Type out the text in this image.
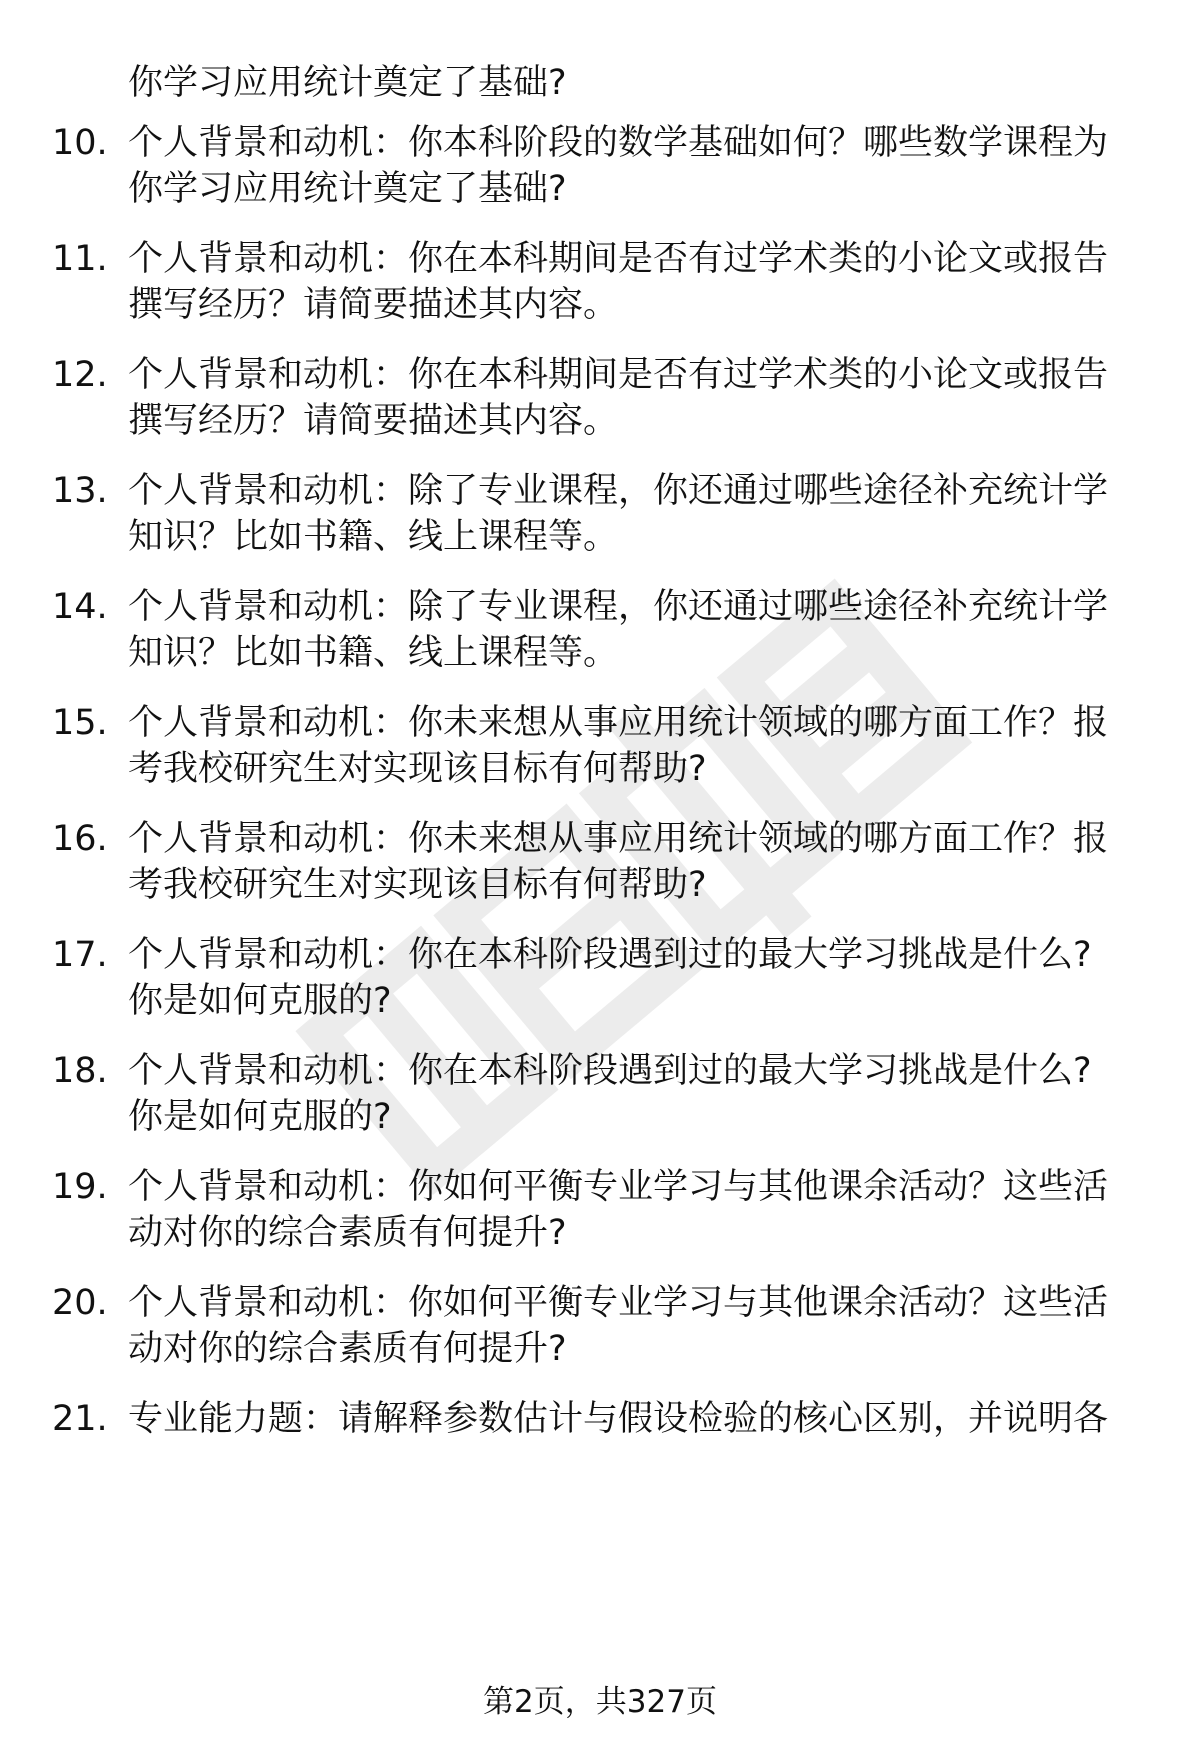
你学习应用统计奠定了基础?
10. 个人背景和动机：你本科阶段的数学基础如何？哪些数学课程为
你学习应用统计奠定了基础?
11. 个人背景和动机：你在本科期间是否有过学术类的小论文或报告
撰写经历？请简要描述其内容。
12. 个人背景和动机：你在本科期间是否有过学术类的小论文或报告
撰写经历？请简要描述其内容。
13. 个人背景和动机：除了专业课程，你还通过哪些途径补充统计学
知识？比如书籍、线上课程等。
14. 个人背景和动机：除了专业课程，你还通过哪些途径补充统计学
知识？比如书籍、线上课程等。
15. 个人背景和动机：你未来想从事应用统计领域的哪方面工作？报
考我校研究生对实现该目标有何帮助?
16. 个人背景和动机：你未来想从事应用统计领域的哪方面工作？报
考我校研究生对实现该目标有何帮助?
17. 个人背景和动机：你在本科阶段遇到过的最大学习挑战是什么?
你是如何克服的?
18. 个人背景和动机：你在本科阶段遇到过的最大学习挑战是什么?
你是如何克服的?
19. 个人背景和动机：你如何平衡专业学习与其他课余活动？这些活
动对你的综合素质有何提升?
20. 个人背景和动机：你如何平衡专业学习与其他课余活动？这些活
动对你的综合素质有何提升?
21. 专业能力题：请解释参数估计与假设检验的核心区别，并说明各
第2页，共327页
